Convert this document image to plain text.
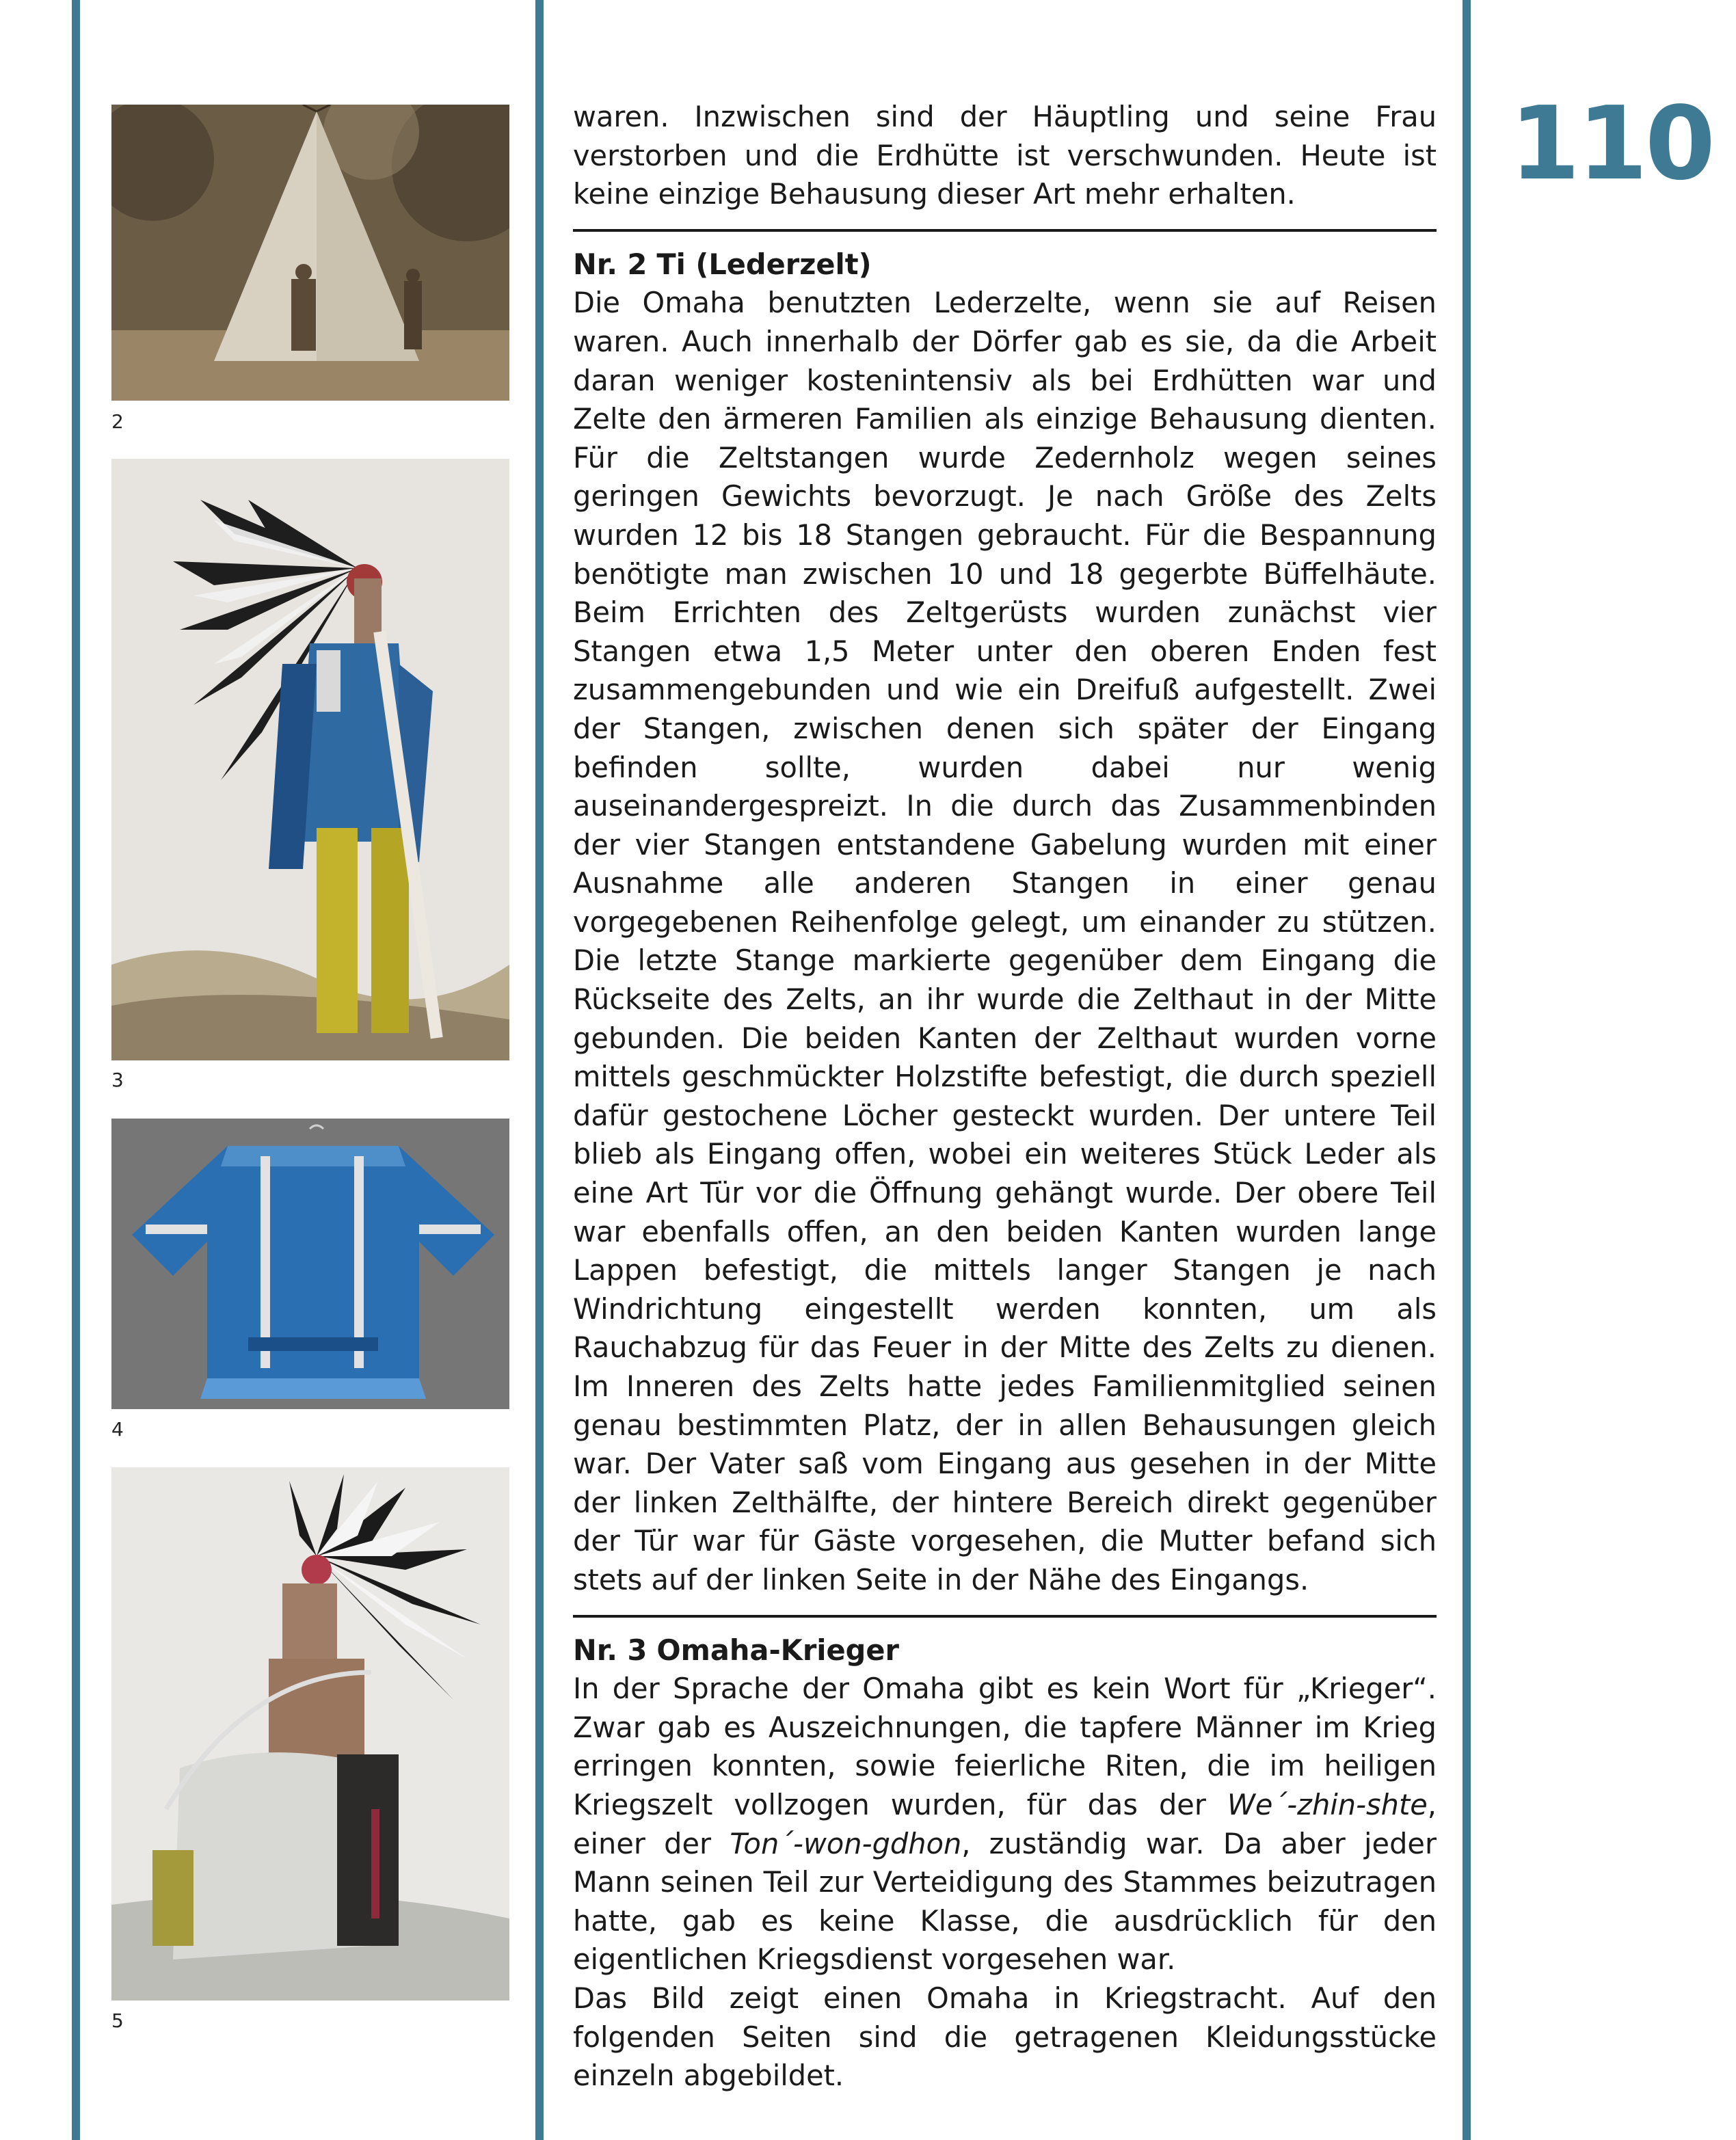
2
3
4
5

waren. Inzwischen sind der Häuptling und seine Frau verstorben und die Erdhütte ist verschwunden. Heute ist keine einzige Behausung dieser Art mehr erhalten.

Nr. 2 Ti (Lederzelt)

Die Omaha benutzten Lederzelte, wenn sie auf Reisen waren. Auch innerhalb der Dörfer gab es sie, da die Arbeit daran weniger kostenintensiv als bei Erdhütten war und Zelte den ärmeren Familien als einzige Behausung dienten. Für die Zeltstangen wurde Zedernholz wegen seines geringen Gewichts bevorzugt. Je nach Größe des Zelts wurden 12 bis 18 Stangen gebraucht. Für die Bespannung benötigte man zwischen 10 und 18 gegerbte Büffelhäute. Beim Errichten des Zeltgerüsts wurden zunächst vier Stangen etwa 1,5 Meter unter den oberen Enden fest zusammengebunden und wie ein Dreifuß aufgestellt. Zwei der Stangen, zwischen denen sich später der Eingang befinden sollte, wurden dabei nur wenig auseinandergespreizt. In die durch das Zusammenbinden der vier Stangen entstandene Gabelung wurden mit einer Ausnahme alle anderen Stangen in einer genau vorgegebenen Reihenfolge gelegt, um einander zu stützen. Die letzte Stange markierte gegenüber dem Eingang die Rückseite des Zelts, an ihr wurde die Zelthaut in der Mitte gebunden. Die beiden Kanten der Zelthaut wurden vorne mittels geschmückter Holzstifte befestigt, die durch speziell dafür gestochene Löcher gesteckt wurden. Der untere Teil blieb als Eingang offen, wobei ein weiteres Stück Leder als eine Art Tür vor die Öffnung gehängt wurde. Der obere Teil war ebenfalls offen, an den beiden Kanten wurden lange Lappen befestigt, die mittels langer Stangen je nach Windrichtung eingestellt werden konnten, um als Rauchabzug für das Feuer in der Mitte des Zelts zu dienen. Im Inneren des Zelts hatte jedes Familienmitglied seinen genau bestimmten Platz, der in allen Behausungen gleich war. Der Vater saß vom Eingang aus gesehen in der Mitte der linken Zelthälfte, der hintere Bereich direkt gegenüber der Tür war für Gäste vorgesehen, die Mutter befand sich stets auf der linken Seite in der Nähe des Eingangs.

Nr. 3 Omaha-Krieger

In der Sprache der Omaha gibt es kein Wort für „Krieger“. Zwar gab es Auszeichnungen, die tapfere Männer im Krieg erringen konnten, sowie feierliche Riten, die im heiligen Kriegszelt vollzogen wurden, für das der We´-zhin-shte, einer der Ton´-won-gdhon, zuständig war. Da aber jeder Mann seinen Teil zur Verteidigung des Stammes beizutragen hatte, gab es keine Klasse, die ausdrücklich für den eigentlichen Kriegsdienst vorgesehen war.

Das Bild zeigt einen Omaha in Kriegstracht. Auf den folgenden Seiten sind die getragenen Kleidungsstücke einzeln abgebildet.

110
